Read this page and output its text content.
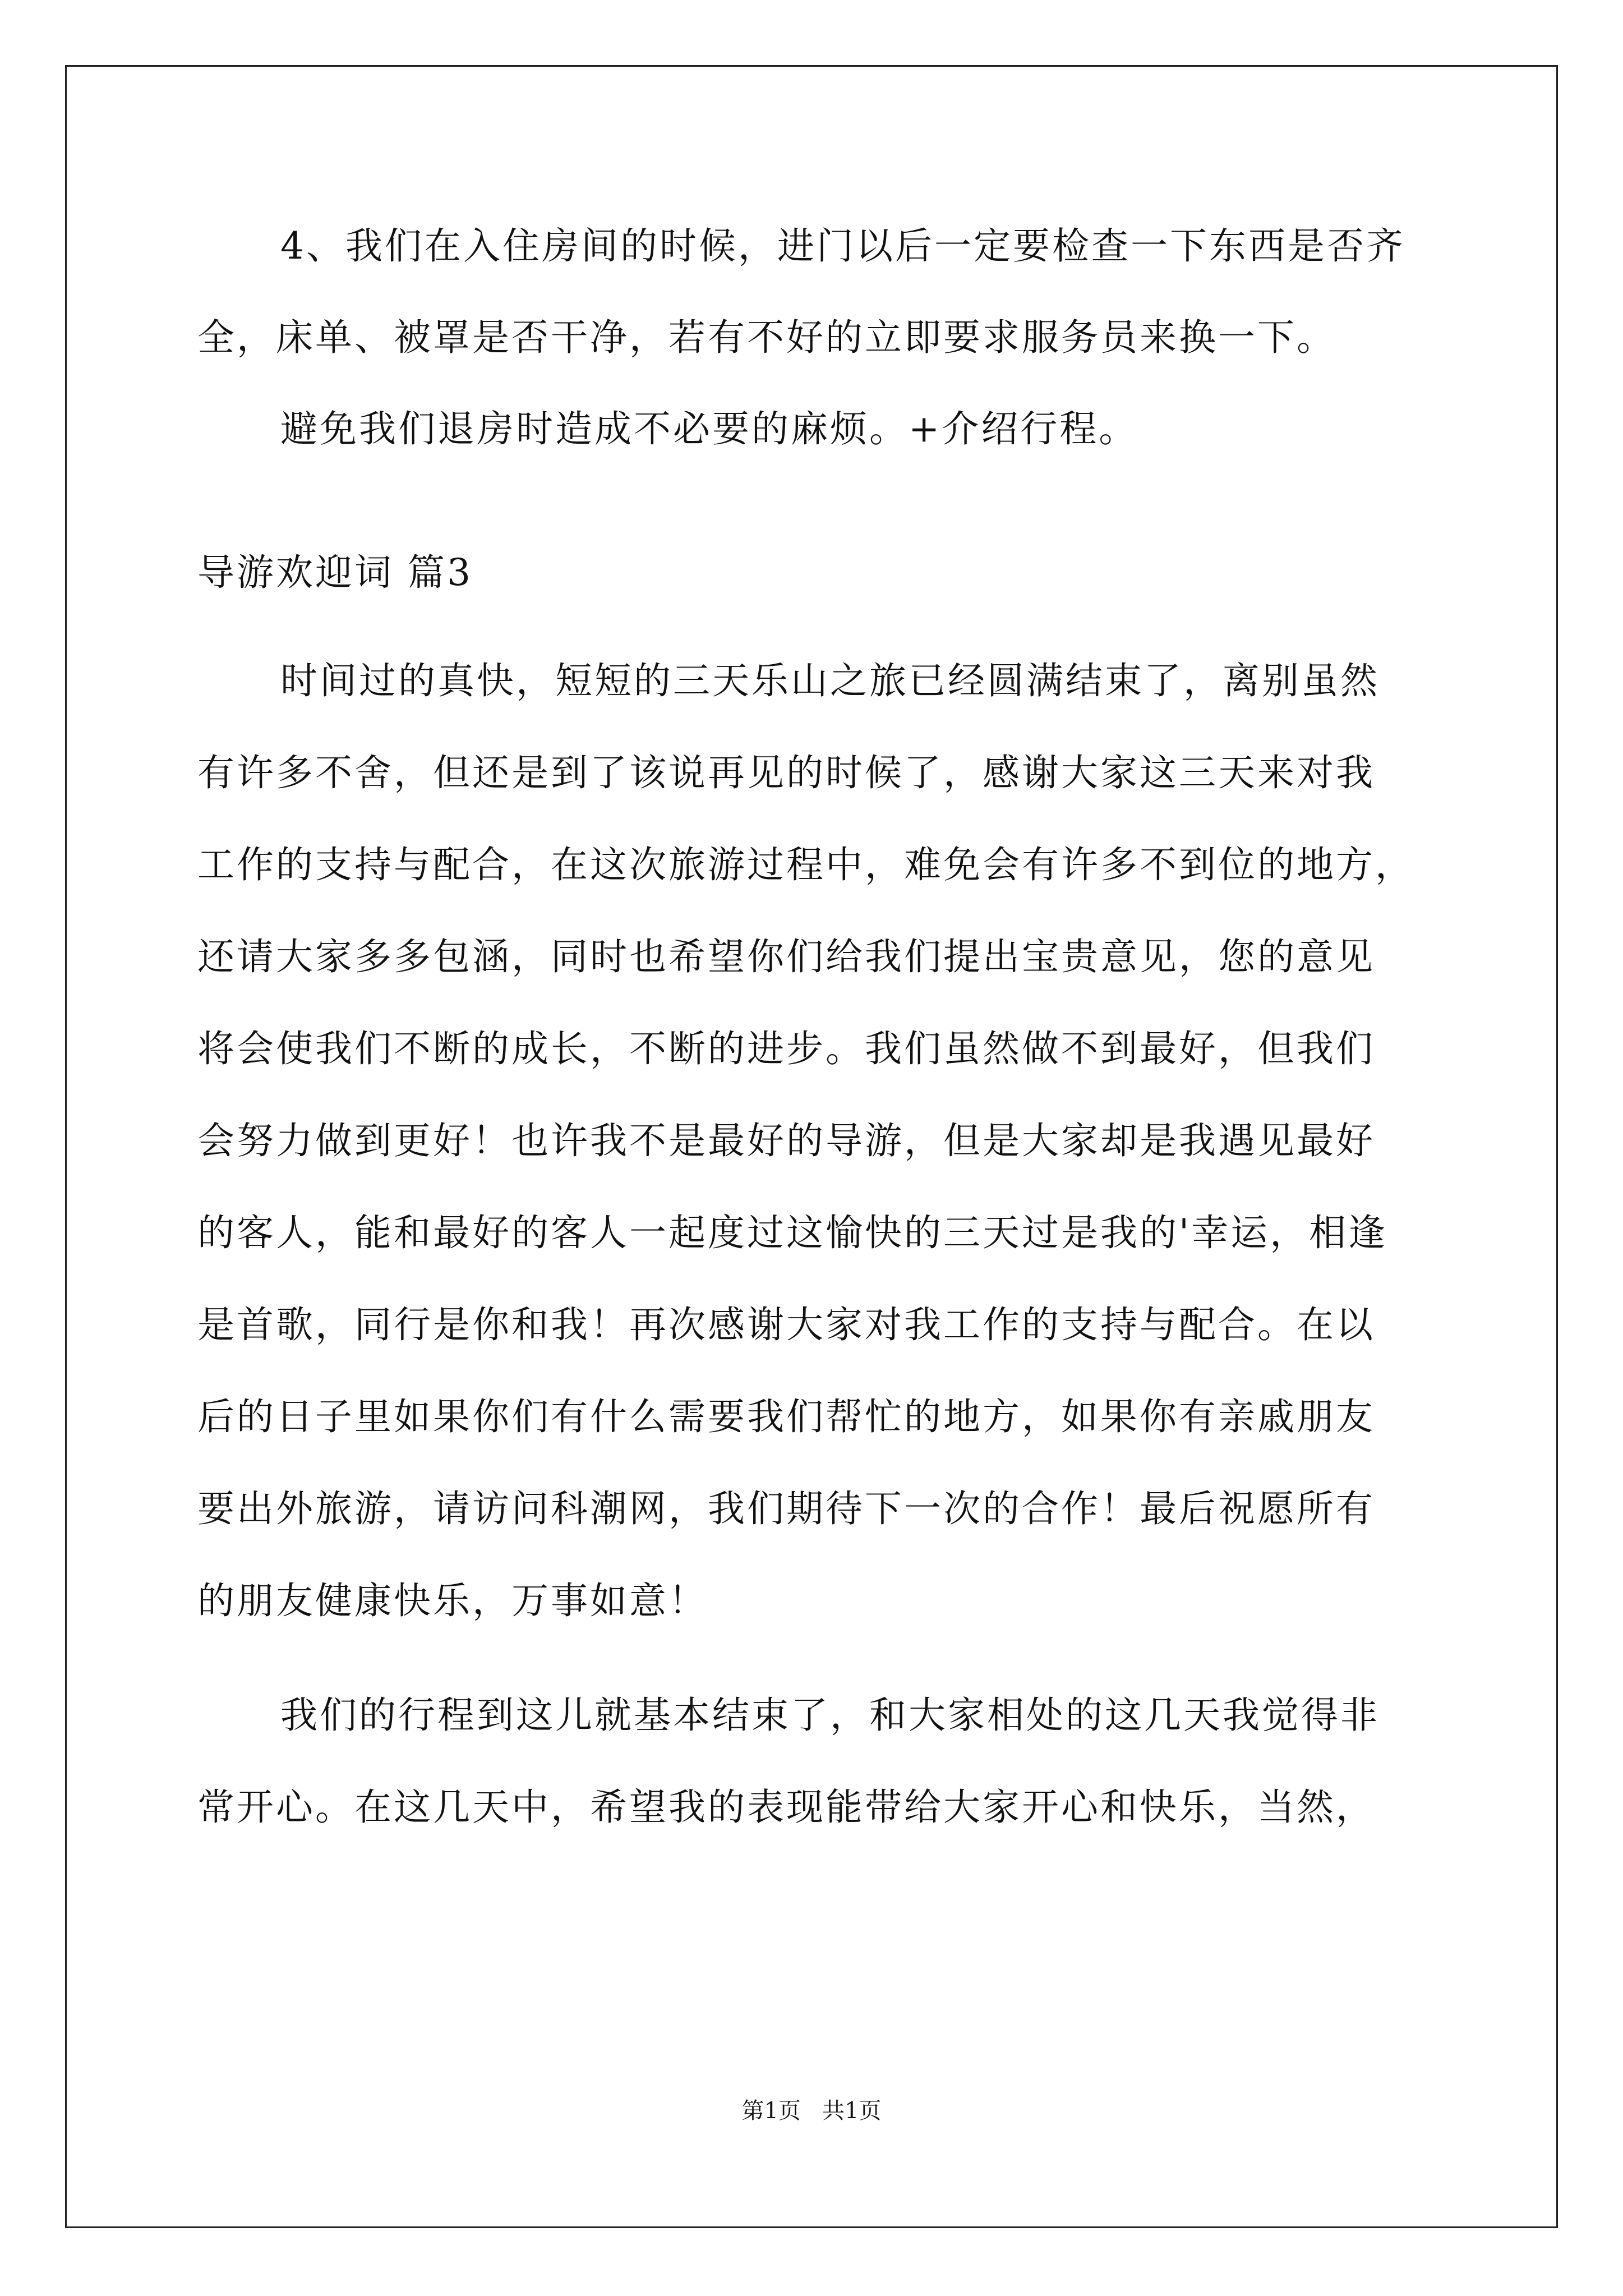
4、我们在入住房间的时候，进门以后一定要检查一下东西是否齐
全，床单、被罩是否干净，若有不好的立即要求服务员来换一下。
避免我们退房时造成不必要的麻烦。+介绍行程。
导游欢迎词 篇3
时间过的真快，短短的三天乐山之旅已经圆满结束了，离别虽然
有许多不舍，但还是到了该说再见的时候了，感谢大家这三天来对我
工作的支持与配合，在这次旅游过程中，难免会有许多不到位的地方，
还请大家多多包涵，同时也希望你们给我们提出宝贵意见，您的意见
将会使我们不断的成长，不断的进步。我们虽然做不到最好，但我们
会努力做到更好！也许我不是最好的导游，但是大家却是我遇见最好
的客人，能和最好的客人一起度过这愉快的三天过是我的'幸运，相逢
是首歌，同行是你和我！再次感谢大家对我工作的支持与配合。在以
后的日子里如果你们有什么需要我们帮忙的地方，如果你有亲戚朋友
要出外旅游，请访问科潮网，我们期待下一次的合作！最后祝愿所有
的朋友健康快乐，万事如意！
我们的行程到这儿就基本结束了，和大家相处的这几天我觉得非
常开心。在这几天中，希望我的表现能带给大家开心和快乐，当然，
第1页   共1页
